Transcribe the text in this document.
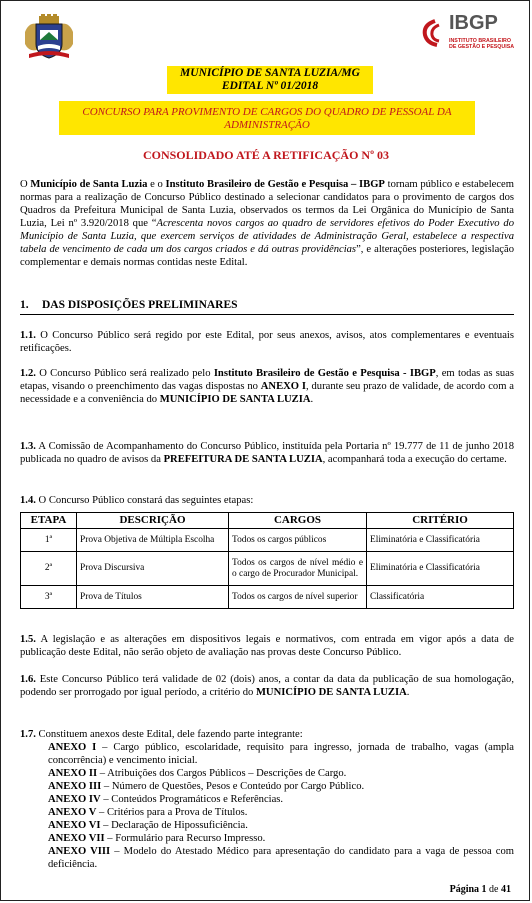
IBGP
INSTITUTO BRASILEIRO DE GESTÃO E PESQUISA
MUNICÍPIO DE SANTA LUZIA/MG
EDITAL Nº 01/2018
CONCURSO PARA PROVIMENTO DE CARGOS DO QUADRO DE PESSOAL DA ADMINISTRAÇÃO
CONSOLIDADO ATÉ A RETIFICAÇÃO Nº 03
O Município de Santa Luzia e o Instituto Brasileiro de Gestão e Pesquisa – IBGP tornam público e estabelecem normas para a realização de Concurso Público destinado a selecionar candidatos para o provimento de cargos dos Quadros da Prefeitura Municipal de Santa Luzia, observados os termos da Lei Orgânica do Município de Santa Luzia, Lei nº 3.920/2018 que “Acrescenta novos cargos ao quadro de servidores efetivos do Poder Executivo do Município de Santa Luzia, que exercem serviços de atividades de Administração Geral, estabelece a respectiva tabela de vencimento de cada um dos cargos criados e dá outras providências”, e alterações posteriores, legislação complementar e demais normas contidas neste Edital.
1. DAS DISPOSIÇÕES PRELIMINARES
1.1. O Concurso Público será regido por este Edital, por seus anexos, avisos, atos complementares e eventuais retificações.
1.2. O Concurso Público será realizado pelo Instituto Brasileiro de Gestão e Pesquisa - IBGP, em todas as suas etapas, visando o preenchimento das vagas dispostas no ANEXO I, durante seu prazo de validade, de acordo com a necessidade e a conveniência do MUNICÍPIO DE SANTA LUZIA.
1.3. A Comissão de Acompanhamento do Concurso Público, instituída pela Portaria nº 19.777 de 11 de junho 2018 publicada no quadro de avisos da PREFEITURA DE SANTA LUZIA, acompanhará toda a execução do certame.
1.4. O Concurso Público constará das seguintes etapas:
ETAPA	DESCRIÇÃO	CARGOS	CRITÉRIO
1ª	Prova Objetiva de Múltipla Escolha	Todos os cargos públicos	Eliminatória e Classificatória
2ª	Prova Discursiva	Todos os cargos de nível médio e o cargo de Procurador Municipal.	Eliminatória e Classificatória
3ª	Prova de Títulos	Todos os cargos de nível superior	Classificatória
1.5. A legislação e as alterações em dispositivos legais e normativos, com entrada em vigor após a data de publicação deste Edital, não serão objeto de avaliação nas provas deste Concurso Público.
1.6. Este Concurso Público terá validade de 02 (dois) anos, a contar da data da publicação de sua homologação, podendo ser prorrogado por igual período, a critério do MUNICÍPIO DE SANTA LUZIA.
1.7. Constituem anexos deste Edital, dele fazendo parte integrante:
ANEXO I – Cargo público, escolaridade, requisito para ingresso, jornada de trabalho, vagas (ampla concorrência) e vencimento inicial.
ANEXO II – Atribuições dos Cargos Públicos – Descrições de Cargo.
ANEXO III – Número de Questões, Pesos e Conteúdo por Cargo Público.
ANEXO IV – Conteúdos Programáticos e Referências.
ANEXO V – Critérios para a Prova de Títulos.
ANEXO VI – Declaração de Hipossuficiência.
ANEXO VII – Formulário para Recurso Impresso.
ANEXO VIII – Modelo do Atestado Médico para apresentação do candidato para a vaga de pessoa com deficiência.
Página 1 de 41
